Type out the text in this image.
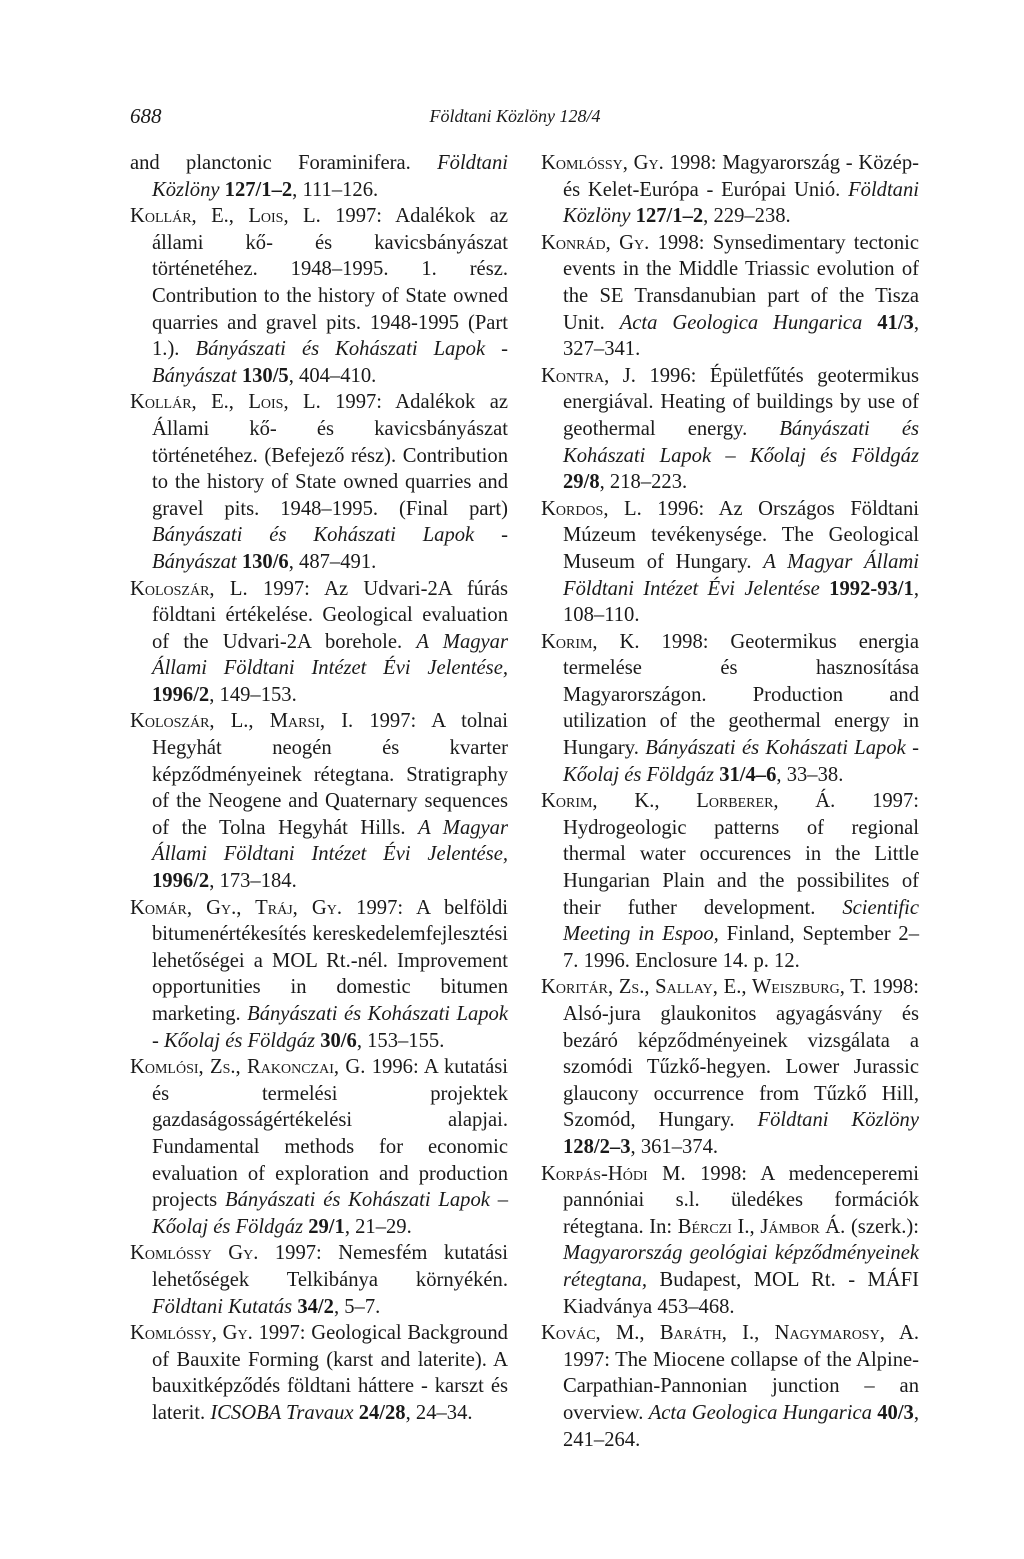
688	Földtani Közlöny 128/4
and planctonic Foraminifera. Földtani Közlöny 127/1–2, 111–126.
Kollár, E., Lois, L. 1997: Adalékok az állami kő- és kavicsbányászat történetéhez. 1948–1995. 1. rész. Contribution to the history of State owned quarries and gravel pits. 1948-1995 (Part 1.). Bányászati és Kohászati Lapok - Bányászat 130/5, 404–410.
Kollár, E., Lois, L. 1997: Adalékok az Állami kő- és kavicsbányászat történetéhez. (Befejező rész). Contribution to the history of State owned quarries and gravel pits. 1948–1995. (Final part) Bányászati és Kohászati Lapok - Bányászat 130/6, 487–491.
Koloszár, L. 1997: Az Udvari-2A fúrás földtani értékelése. Geological evaluation of the Udvari-2A borehole. A Magyar Állami Földtani Intézet Évi Jelentése, 1996/2, 149–153.
Koloszár, L., Marsi, I. 1997: A tolnai Hegyhát neogén és kvarter képződményeinek rétegtana. Stratigraphy of the Neogene and Quaternary sequences of the Tolna Hegyhát Hills. A Magyar Állami Földtani Intézet Évi Jelentése, 1996/2, 173–184.
Komár, Gy., Tráj, Gy. 1997: A belföldi bitumenértékesítés kereskedelemfejlesztési lehetőségei a MOL Rt.-nél. Improvement opportunities in domestic bitumen marketing. Bányászati és Kohászati Lapok - Kőolaj és Földgáz 30/6, 153–155.
Komlósi, Zs., Rakonczai, G. 1996: A kutatási és termelési projektek gazdaságosságértékelési alapjai. Fundamental methods for economic evaluation of exploration and production projects Bányászati és Kohászati Lapok – Kőolaj és Földgáz 29/1, 21–29.
Komlóssy Gy. 1997: Nemesfém kutatási lehetőségek Telkibánya környékén. Földtani Kutatás 34/2, 5–7.
Komlóssy, Gy. 1997: Geological Background of Bauxite Forming (karst and laterite). A bauxitképződés földtani háttere - karszt és laterit. ICSOBA Travaux 24/28, 24–34.
Komlóssy, Gy. 1998: Magyarország - Közép- és Kelet-Európa - Európai Unió. Földtani Közlöny 127/1–2, 229–238.
Konrád, Gy. 1998: Synsedimentary tectonic events in the Middle Triassic evolution of the SE Transdanubian part of the Tisza Unit. Acta Geologica Hungarica 41/3, 327–341.
Kontra, J. 1996: Épületfűtés geotermikus energiával. Heating of buildings by use of geothermal energy. Bányászati és Kohászati Lapok – Kőolaj és Földgáz 29/8, 218–223.
Kordos, L. 1996: Az Országos Földtani Múzeum tevékenysége. The Geological Museum of Hungary. A Magyar Állami Földtani Intézet Évi Jelentése 1992-93/1, 108–110.
Korim, K. 1998: Geotermikus energia termelése és hasznosítása Magyarországon. Production and utilization of the geothermal energy in Hungary. Bányászati és Kohászati Lapok - Kőolaj és Földgáz 31/4–6, 33–38.
Korim, K., Lorberer, Á. 1997: Hydrogeologic patterns of regional thermal water occurences in the Little Hungarian Plain and the possibilites of their futher development. Scientific Meeting in Espoo, Finland, September 2–7. 1996. Enclosure 14. p. 12.
Koritár, Zs., Sallay, E., Weiszburg, T. 1998: Alsó-jura glaukonitos agyagásvány és bezáró képződményeinek vizsgálata a szomódi Tűzkő-hegyen. Lower Jurassic glaucony occurrence from Tűzkő Hill, Szomód, Hungary. Földtani Közlöny 128/2–3, 361–374.
Korpás-Hódi M. 1998: A medenceperemi pannóniai s.l. üledékes formációk rétegtana. In: Bérczi I., Jámbor Á. (szerk.): Magyarország geológiai képződményeinek rétegtana, Budapest, MOL Rt. - MÁFI Kiadványa 453–468.
Kovác, M., Baráth, I., Nagymarosy, A. 1997: The Miocene collapse of the Alpine-Carpathian-Pannonian junction – an overview. Acta Geologica Hungarica 40/3, 241–264.
